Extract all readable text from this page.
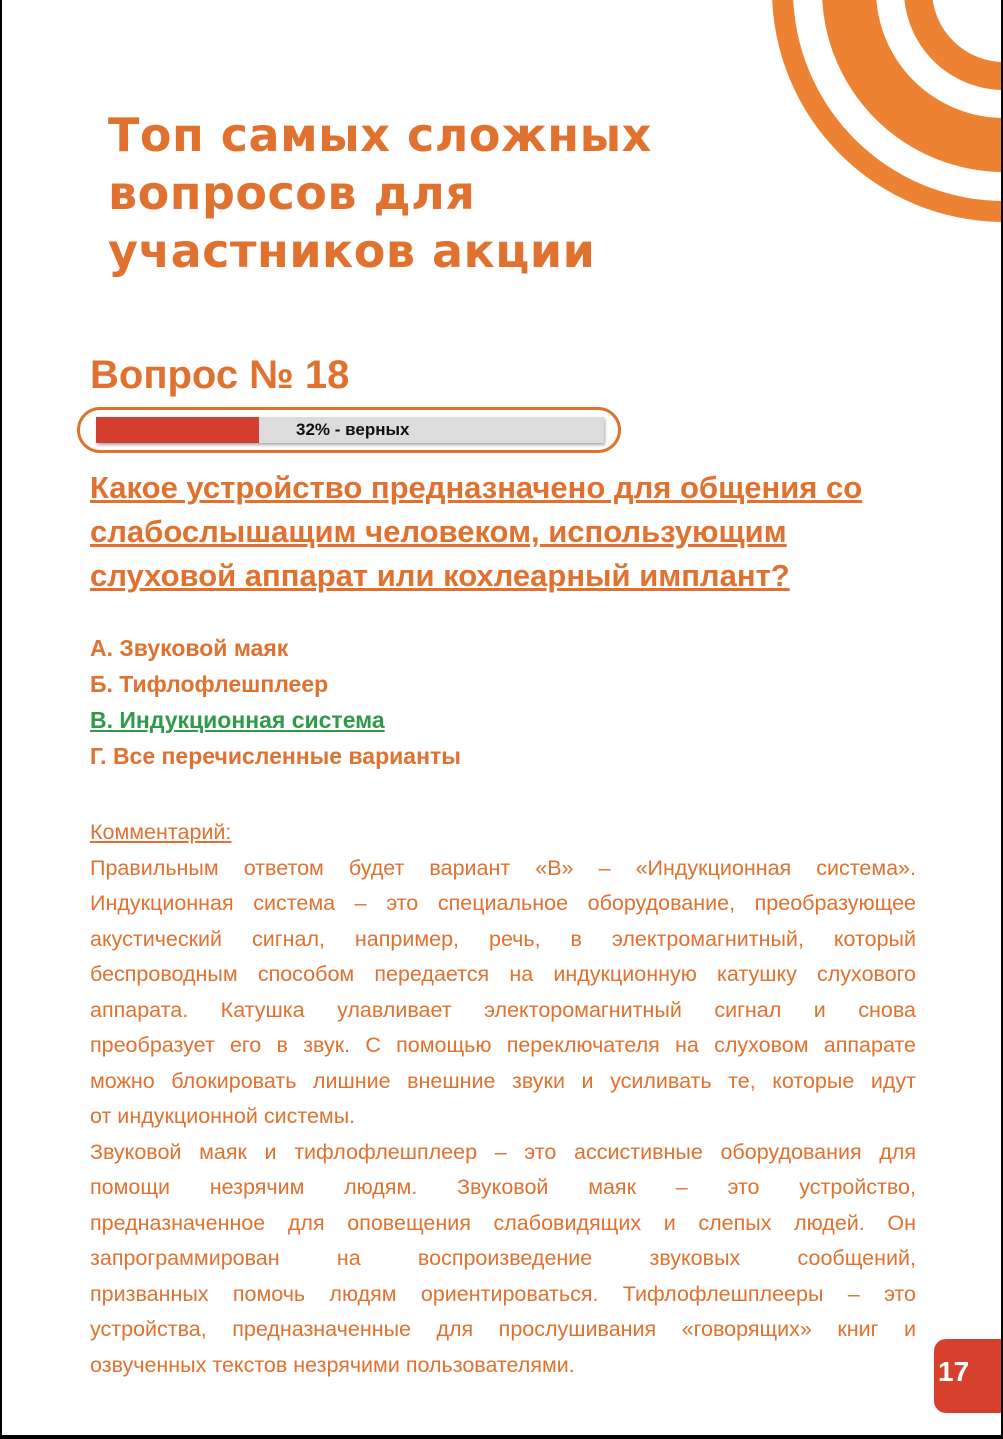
Топ самых сложных
вопросов для
участников акции
Вопрос № 18
32% - верных
Какое устройство предназначено для общения со
слабослышащим человеком, использующим
слуховой аппарат или кохлеарный имплант?
А. Звуковой маяк
Б. Тифлофлешплеер
В. Индукционная система
Г. Все перечисленные варианты
Комментарий:
Правильным ответом будет вариант «В» – «Индукционная система».
Индукционная система – это специальное оборудование, преобразующее
акустический сигнал, например, речь, в электромагнитный, который
беспроводным способом передается на индукционную катушку слухового
аппарата. Катушка улавливает электоромагнитный сигнал и снова
преобразует его в звук. С помощью переключателя на слуховом аппарате
можно блокировать лишние внешние звуки и усиливать те, которые идут
от индукционной системы.
Звуковой маяк и тифлофлешплеер – это ассистивные оборудования для
помощи незрячим людям. Звуковой маяк – это устройство,
предназначенное для оповещения слабовидящих и слепых людей. Он
запрограммирован на воспроизведение звуковых сообщений,
призванных помочь людям ориентироваться. Тифлофлешплееры – это
устройства, предназначенные для прослушивания «говорящих» книг и
озвученных текстов незрячими пользователями.	17
